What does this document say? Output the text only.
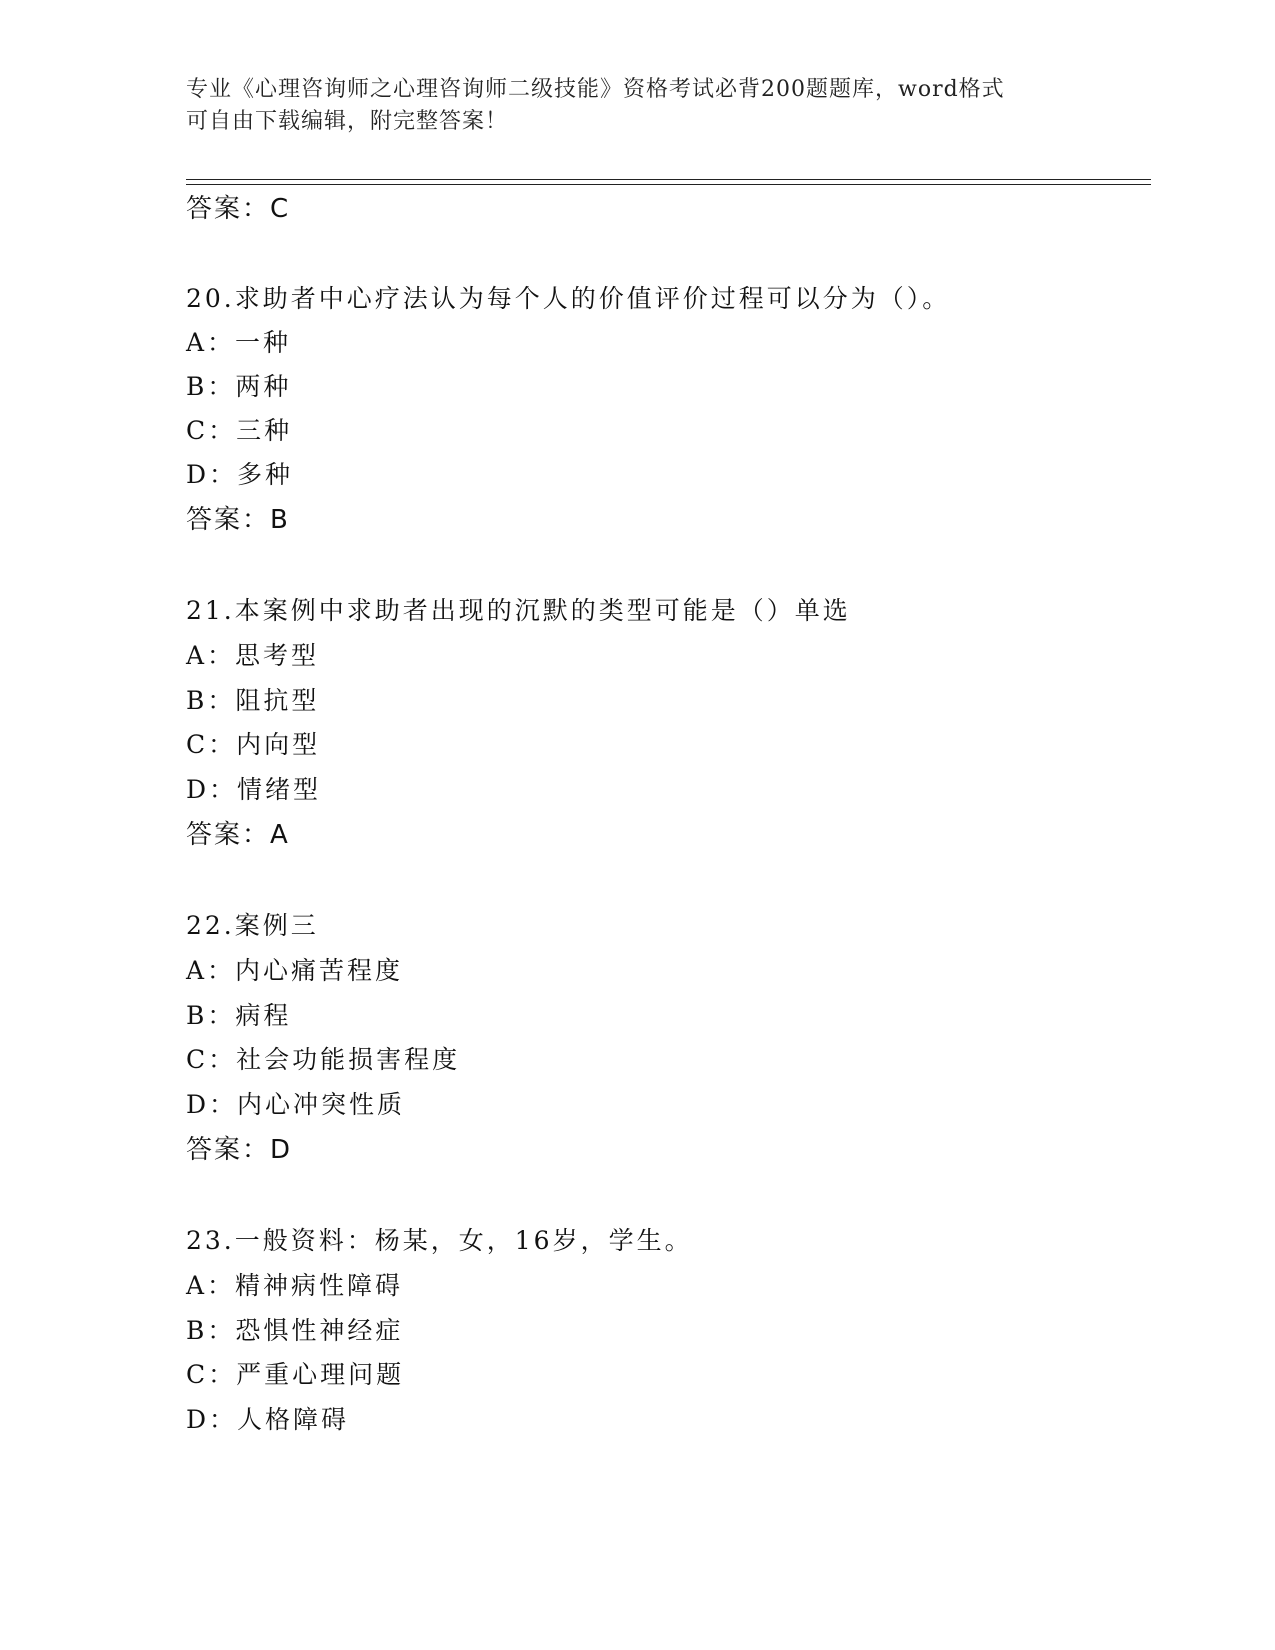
专业《心理咨询师之心理咨询师二级技能》资格考试必背200题题库，word格式
可自由下载编辑，附完整答案！
答案：C
20.求助者中心疗法认为每个人的价值评价过程可以分为（）。
A：一种
B：两种
C：三种
D：多种
答案：B
21.本案例中求助者出现的沉默的类型可能是（）单选
A：思考型
B：阻抗型
C：内向型
D：情绪型
答案：A
22.案例三
A：内心痛苦程度
B：病程
C：社会功能损害程度
D：内心冲突性质
答案：D
23.一般资料：杨某，女，16岁，学生。
A：精神病性障碍
B：恐惧性神经症
C：严重心理问题
D：人格障碍
